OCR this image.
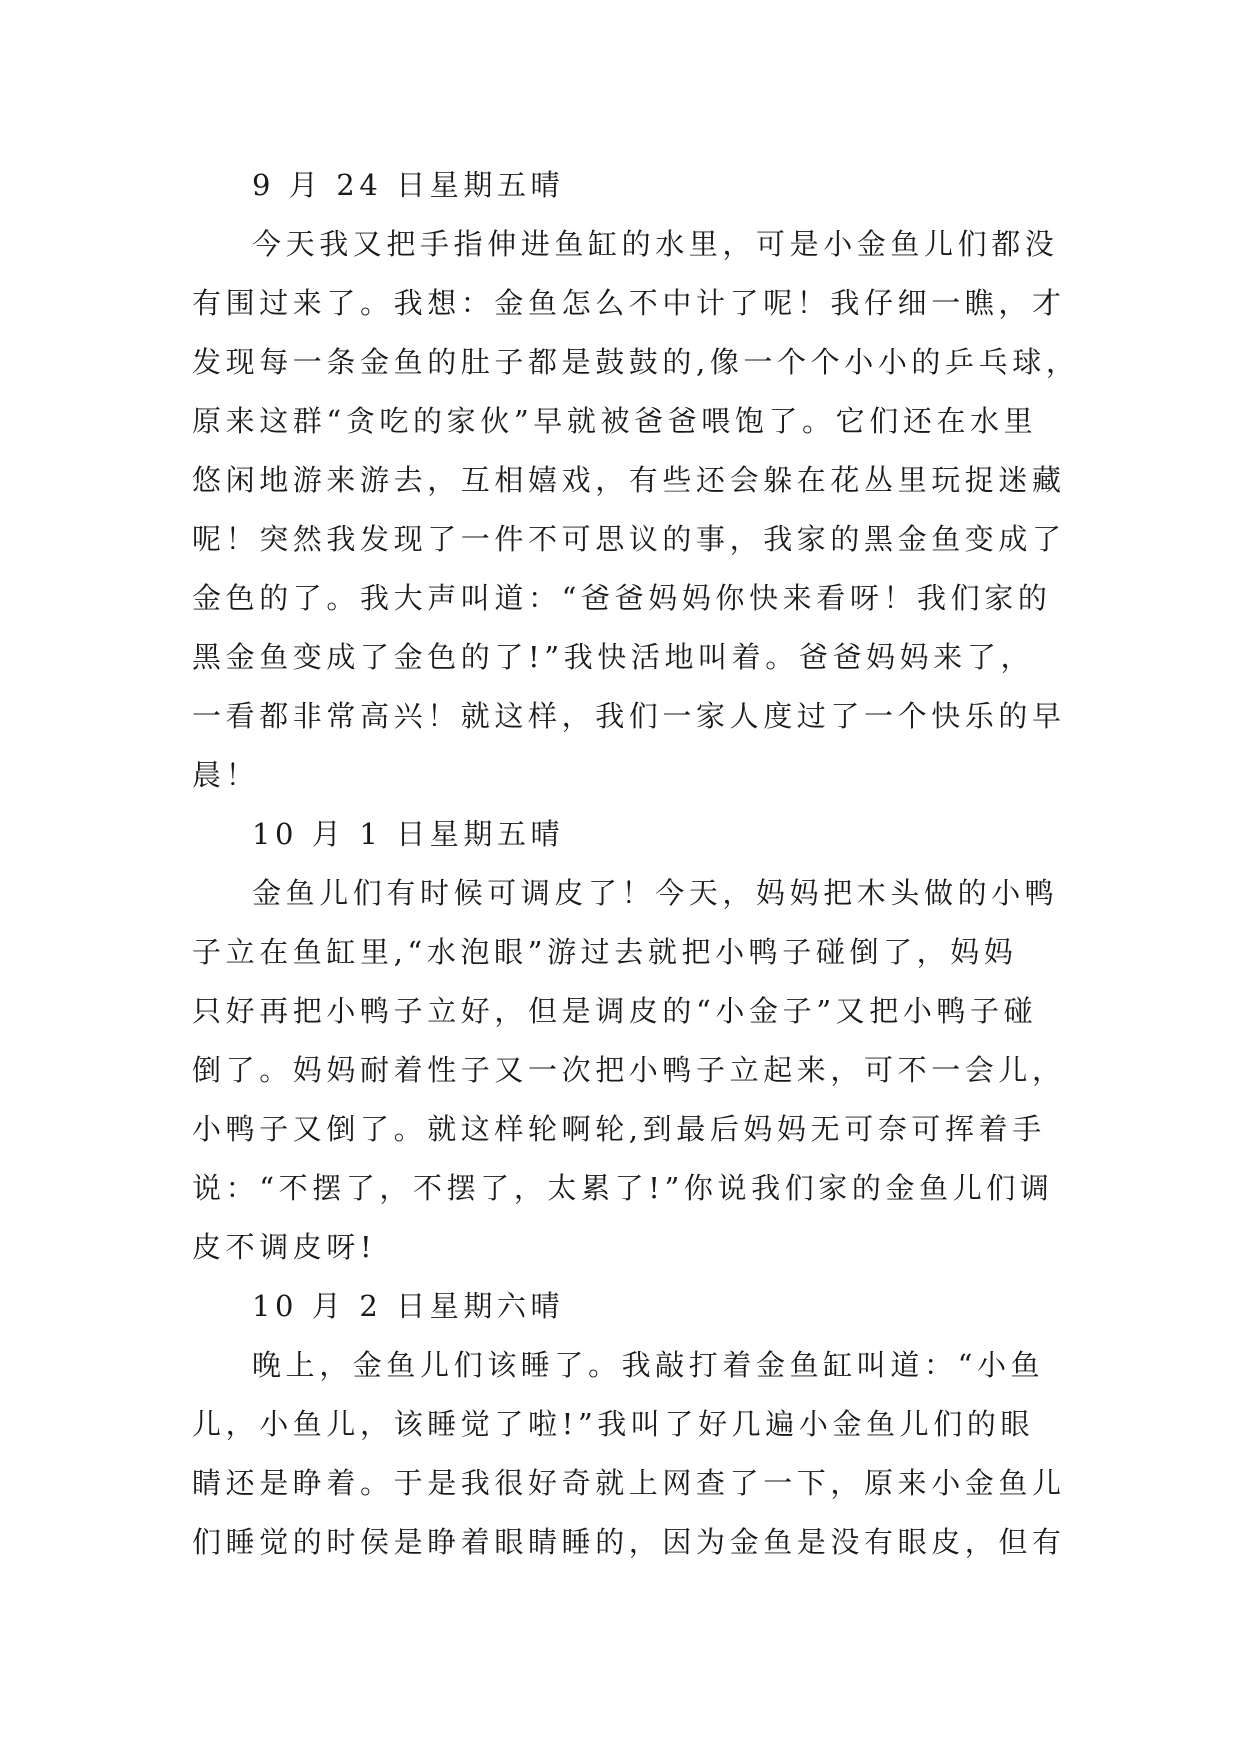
9 月 24 日星期五晴
今天我又把手指伸进鱼缸的水里，可是小金鱼儿们都没
有围过来了。我想：金鱼怎么不中计了呢！我仔细一瞧，才
发现每一条金鱼的肚子都是鼓鼓的,像一个个小小的乒乓球，
原来这群“贪吃的家伙”早就被爸爸喂饱了。它们还在水里
悠闲地游来游去，互相嬉戏，有些还会躲在花丛里玩捉迷藏
呢！突然我发现了一件不可思议的事，我家的黑金鱼变成了
金色的了。我大声叫道：“爸爸妈妈你快来看呀！我们家的
黑金鱼变成了金色的了!”我快活地叫着。爸爸妈妈来了，
一看都非常高兴！就这样，我们一家人度过了一个快乐的早
晨！
10 月 1 日星期五晴
金鱼儿们有时候可调皮了！今天，妈妈把木头做的小鸭
子立在鱼缸里,“水泡眼”游过去就把小鸭子碰倒了，妈妈
只好再把小鸭子立好，但是调皮的“小金子”又把小鸭子碰
倒了。妈妈耐着性子又一次把小鸭子立起来，可不一会儿，
小鸭子又倒了。就这样轮啊轮,到最后妈妈无可奈可挥着手
说：“不摆了，不摆了，太累了!”你说我们家的金鱼儿们调
皮不调皮呀!
10 月 2 日星期六晴
晚上，金鱼儿们该睡了。我敲打着金鱼缸叫道：“小鱼
儿，小鱼儿，该睡觉了啦!”我叫了好几遍小金鱼儿们的眼
睛还是睁着。于是我很好奇就上网查了一下，原来小金鱼儿
们睡觉的时侯是睁着眼睛睡的，因为金鱼是没有眼皮，但有
